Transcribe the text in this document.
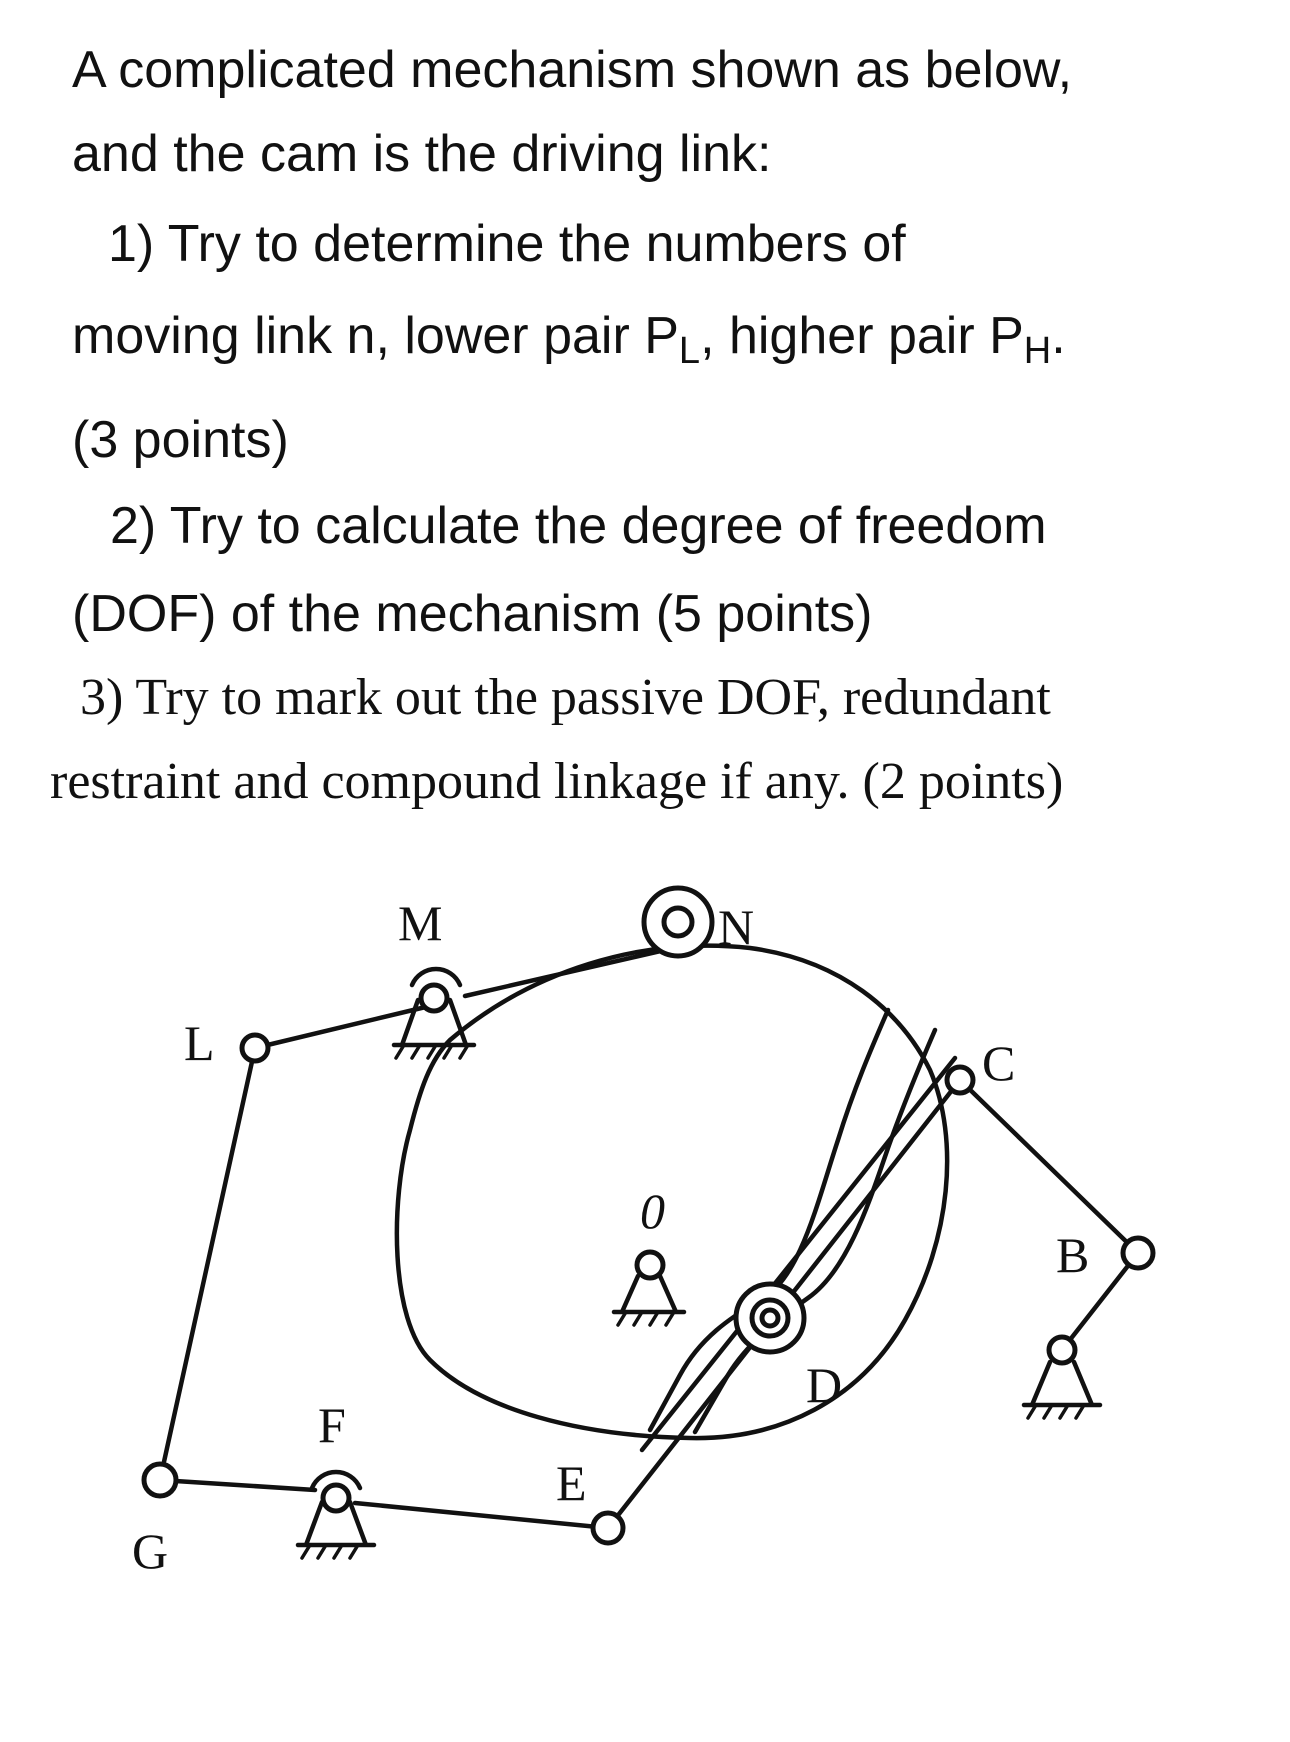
A complicated mechanism shown as below,
and the cam is the driving link:
1) Try to determine the numbers of
moving link n, lower pair $P_L$, higher pair $P_H$.
(3 points)
2) Try to calculate the degree of freedom
(DOF) of the mechanism (5 points)
3) Try to mark out the passive DOF, redundant
restraint and compound linkage if any. (2 points)
M	N
L	C
0
B
D
F
E
G
